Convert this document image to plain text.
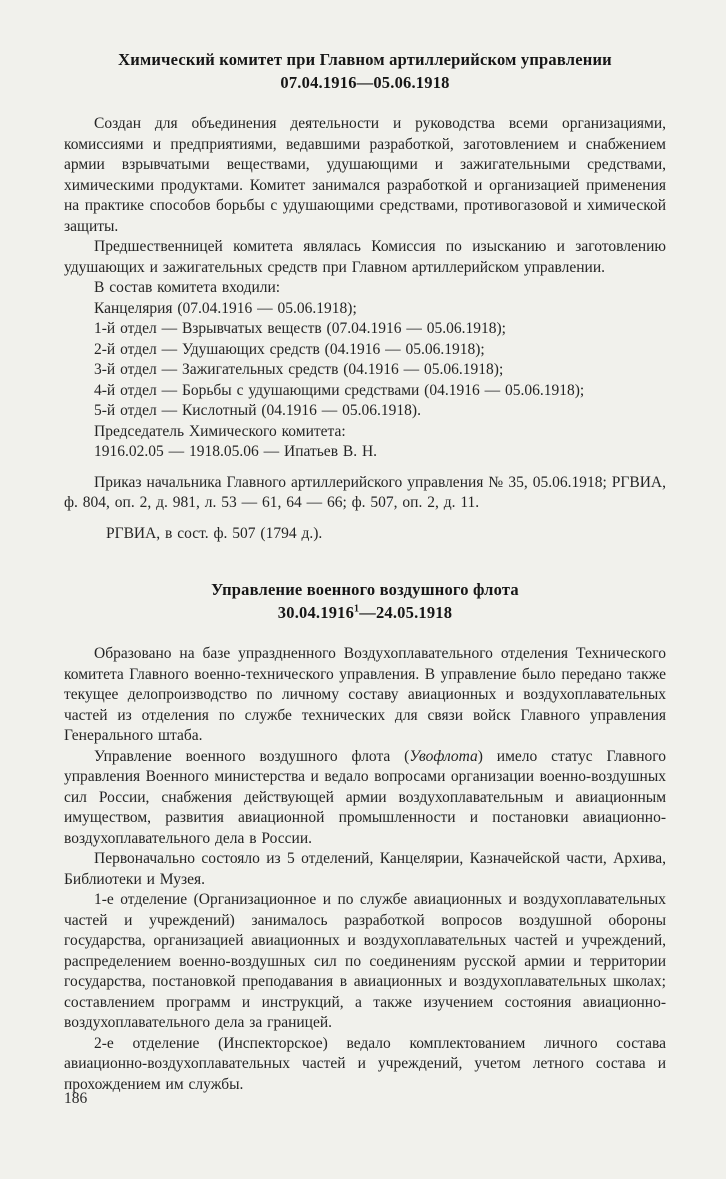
Химический комитет при Главном артиллерийском управлении
07.04.1916—05.06.1918

Создан для объединения деятельности и руководства всеми организациями, комиссиями и предприятиями, ведавшими разработкой, заготовлением и снабжением армии взрывчатыми веществами, удушающими и зажигательными средствами, химическими продуктами. Комитет занимался разработкой и организацией применения на практике способов борьбы с удушающими средствами, противогазовой и химической защиты.

Предшественницей комитета являлась Комиссия по изысканию и заготовлению удушающих и зажигательных средств при Главном артиллерийском управлении.

В состав комитета входили:

Канцелярия (07.04.1916 — 05.06.1918);

1-й отдел — Взрывчатых веществ (07.04.1916 — 05.06.1918);

2-й отдел — Удушающих средств (04.1916 — 05.06.1918);

3-й отдел — Зажигательных средств (04.1916 — 05.06.1918);

4-й отдел — Борьбы с удушающими средствами (04.1916 — 05.06.1918);

5-й отдел — Кислотный (04.1916 — 05.06.1918).

Председатель Химического комитета:

1916.02.05 — 1918.05.06 — Ипатьев В. Н.

Приказ начальника Главного артиллерийского управления № 35, 05.06.1918; РГВИА, ф. 804, оп. 2, д. 981, л. 53 — 61, 64 — 66; ф. 507, оп. 2, д. 11.

РГВИА, в сост. ф. 507 (1794 д.).

Управление военного воздушного флота
30.04.1916$^1$—24.05.1918

Образовано на базе упраздненного Воздухоплавательного отделения Технического комитета Главного военно-технического управления. В управление было передано также текущее делопроизводство по личному составу авиационных и воздухоплавательных частей из отделения по службе технических для связи войск Главного управления Генерального штаба.

Управление военного воздушного флота (Увофлота) имело статус Главного управления Военного министерства и ведало вопросами организации военно-воздушных сил России, снабжения действующей армии воздухоплавательным и авиационным имуществом, развития авиационной промышленности и постановки авиационно-воздухоплавательного дела в России.

Первоначально состояло из 5 отделений, Канцелярии, Казначейской части, Архива, Библиотеки и Музея.

1-е отделение (Организационное и по службе авиационных и воздухоплавательных частей и учреждений) занималось разработкой вопросов воздушной обороны государства, организацией авиационных и воздухоплавательных частей и учреждений, распределением военно-воздушных сил по соединениям русской армии и территории государства, постановкой преподавания в авиационных и воздухоплавательных школах; составлением программ и инструкций, а также изучением состояния авиационно-воздухоплавательного дела за границей.

2-е отделение (Инспекторское) ведало комплектованием личного состава авиационно-воздухоплавательных частей и учреждений, учетом летного состава и прохождением им службы.

186
